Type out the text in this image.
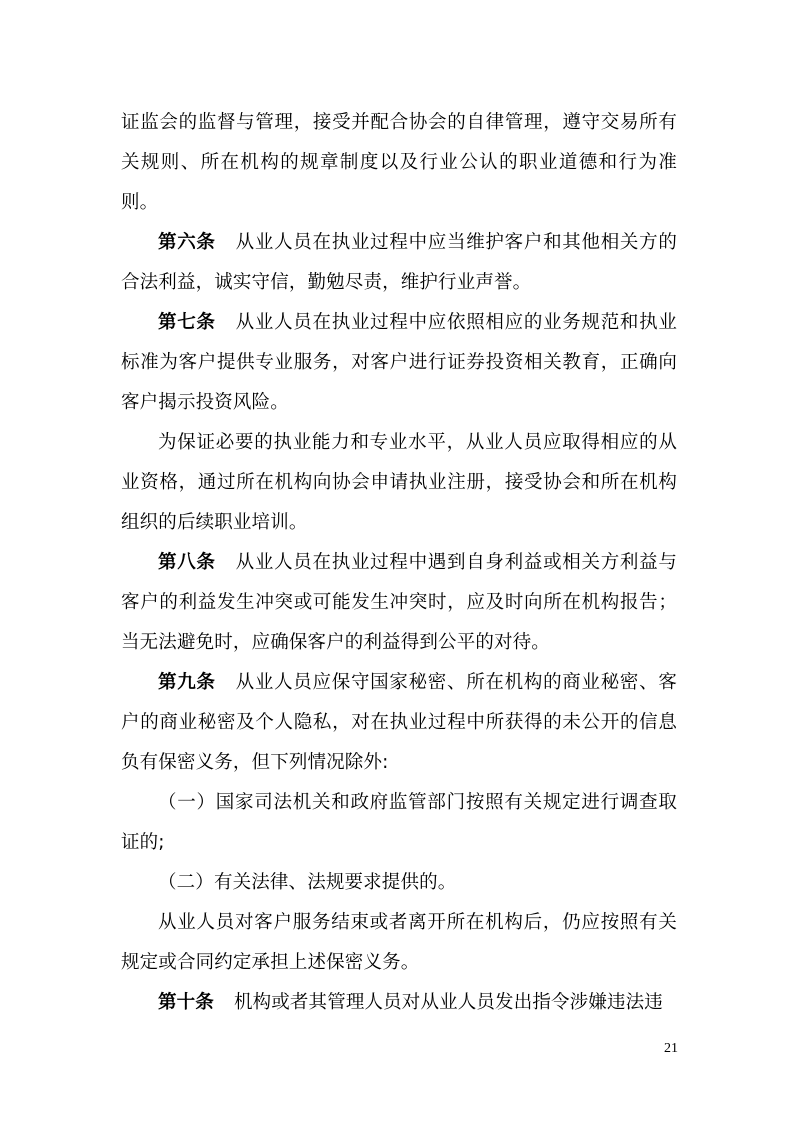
证监会的监督与管理，接受并配合协会的自律管理，遵守交易所有关规则、所在机构的规章制度以及行业公认的职业道德和行为准则。

第六条 从业人员在执业过程中应当维护客户和其他相关方的合法利益，诚实守信，勤勉尽责，维护行业声誉。

第七条 从业人员在执业过程中应依照相应的业务规范和执业标准为客户提供专业服务，对客户进行证券投资相关教育，正确向客户揭示投资风险。

为保证必要的执业能力和专业水平，从业人员应取得相应的从业资格，通过所在机构向协会申请执业注册，接受协会和所在机构组织的后续职业培训。

第八条 从业人员在执业过程中遇到自身利益或相关方利益与客户的利益发生冲突或可能发生冲突时，应及时向所在机构报告；当无法避免时，应确保客户的利益得到公平的对待。

第九条 从业人员应保守国家秘密、所在机构的商业秘密、客户的商业秘密及个人隐私，对在执业过程中所获得的未公开的信息负有保密义务，但下列情况除外:

（一）国家司法机关和政府监管部门按照有关规定进行调查取证的;

（二）有关法律、法规要求提供的。

从业人员对客户服务结束或者离开所在机构后，仍应按照有关规定或合同约定承担上述保密义务。

第十条 机构或者其管理人员对从业人员发出指令涉嫌违法违

21
